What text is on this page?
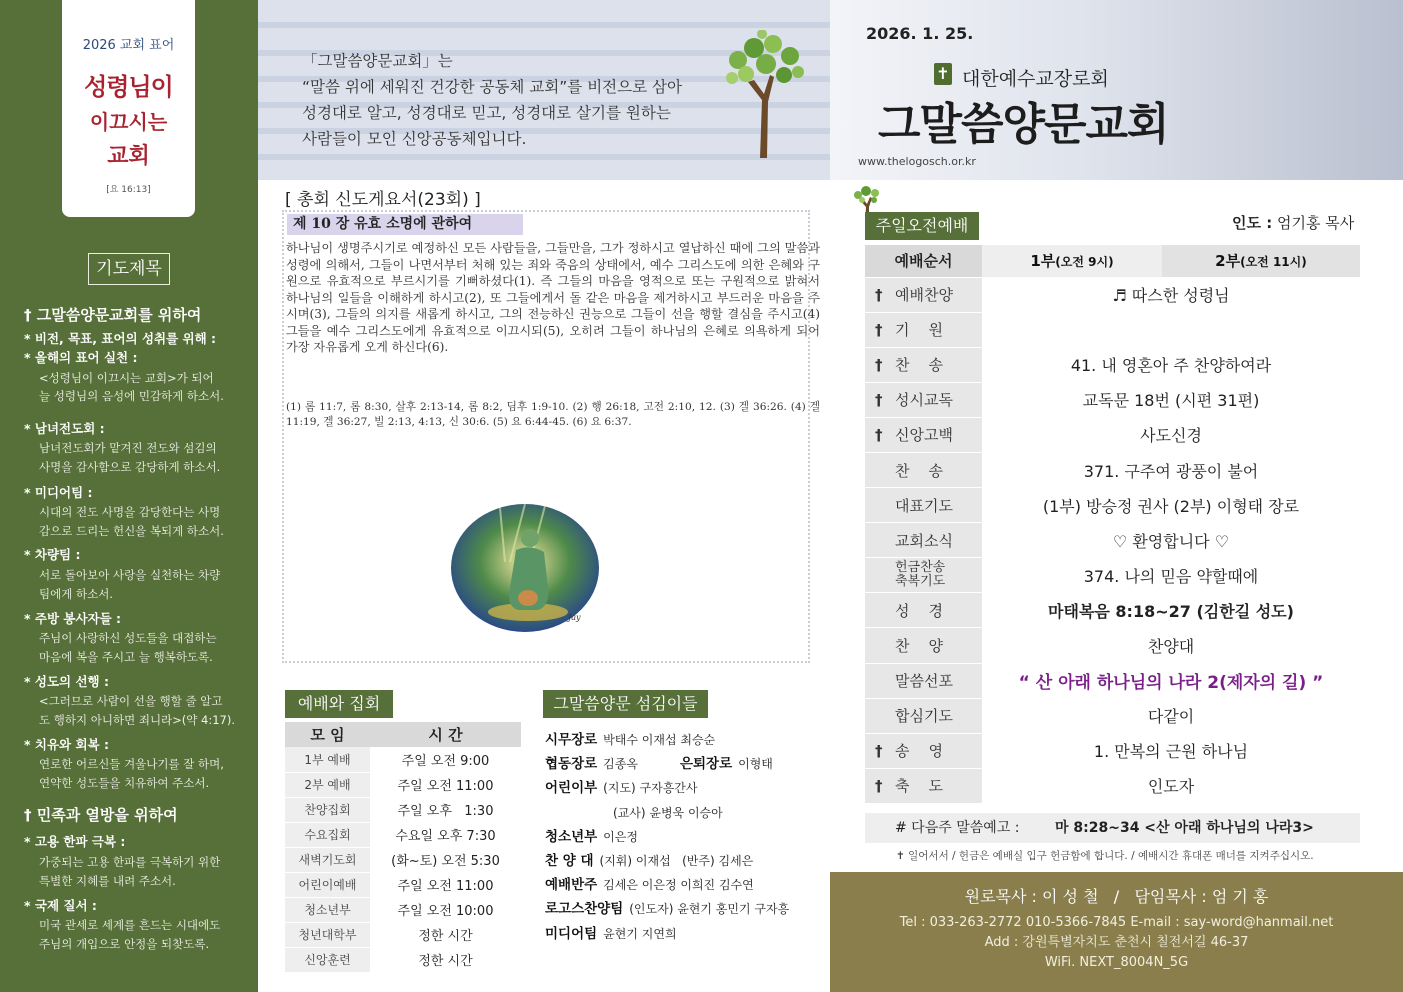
2026 교회 표어
성령님이
이끄시는
교회
[요 16:13]
기도제목
† 그말씀양문교회를 위하여
* 비전, 목표, 표어의 성취를 위해 :
* 올해의 표어 실천 :
<성령님이 이끄시는 교회>가 되어
늘 성령님의 음성에 민감하게 하소서.
* 남녀전도회 :
남녀전도회가 맡겨진 전도와 섬김의
사명을 감사함으로 감당하게 하소서.
* 미디어팀 :
시대의 전도 사명을 감당한다는 사명
감으로 드리는 헌신을 복되게 하소서.
* 차량팀 :
서로 돌아보아 사랑을 실천하는 차량
팀에게 하소서.
* 주방 봉사자들 :
주님이 사랑하신 성도들을 대접하는
마음에 복을 주시고 늘 행복하도록.
* 성도의 선행 :
<그러므로 사람이 선을 행할 줄 알고
도 행하지 아니하면 죄니라>(약 4:17).
* 치유와 회복 :
연로한 어르신들 겨울나기를 잘 하며,
연약한 성도들을 치유하여 주소서.
† 민족과 열방을 위하여
* 고용 한파 극복 :
가중되는 고용 한파를 극복하기 위한
특별한 지혜를 내려 주소서.
* 국제 질서 :
미국 관세로 세계를 흔드는 시대에도
주님의 개입으로 안정을 되찾도록.
「그말씀양문교회」는
“말씀 위에 세워진 건강한 공동체 교회”를 비전으로 삼아
성경대로 알고, 성경대로 믿고, 성경대로 살기를 원하는
사람들이 모인 신앙공동체입니다.
2026. 1. 25.
✝ 대한예수교장로회
그말씀양문교회
www.thelogosch.or.kr
[ 총회 신도게요서(23회) ]
제 10 장 유효 소명에 관하여
하나님이 생명주시기로 예정하신 모든 사람들을, 그들만을, 그가 정하시고 열납하신 때에 그의 말씀과 성령에 의해서, 그들이 나면서부터 처해 있는 죄와 죽음의 상태에서, 예수 그리스도에 의한 은혜와 구원으로 유효적으로 부르시기를 기뻐하셨다(1). 즉 그들의 마음을 영적으로 또는 구원적으로 밝혀서 하나님의 일들을 이해하게 하시고(2), 또 그들에게서 돌 같은 마음을 제거하시고 부드러운 마음을 주시며(3), 그들의 의지를 새롭게 하시고, 그의 전능하신 권능으로 그들이 선을 행할 결심을 주시고(4) 그들을 예수 그리스도에게 유효적으로 이끄시되(5), 오히려 그들이 하나님의 은혜로 의욕하게 되어 가장 자유롭게 오게 하신다(6).
(1) 롬 11:7, 롬 8:30, 살후 2:13-14, 롬 8:2, 딤후 1:9-10. (2) 행 26:18, 고전 2:10, 12. (3) 겔 36:26. (4) 겔 11:19, 겔 36:27, 빌 2:13, 4:13, 신 30:6. (5) 요 6:44-45. (6) 요 6:37.
Jay
예배와 집회
모 임	시 간
1부 예배	주일 오전 9:00
2부 예배	주일 오전 11:00
찬양집회	주일 오후   1:30
수요집회	수요일 오후 7:30
새벽기도회	(화~토) 오전 5:30
어린이예배	주일 오전 11:00
청소년부	주일 오전 10:00
청년대학부	정한 시간
신앙훈련	정한 시간
그말씀양문 섬김이들
시무장로 박태수 이재섭 최승순
협동장로 김종옥	은퇴장로 이형태
어린이부 (지도) 구자흥간사
(교사) 윤병욱 이승아
청소년부 이은정
찬 양 대 (지휘) 이재섭   (반주) 김세은
예배반주 김세은 이은정 이희진 김수연
로고스찬양팀 (인도자) 윤현기 홍민기 구자흥
미디어팀 윤현기 지연희
주일오전예배	인도 : 엄기홍 목사
예배순서	1부(오전 9시)	2부(오전 11시)
† 예배찬양	♬ 따스한 성령님	
† 기    원		
† 찬    송	41. 내 영혼아 주 찬양하여라	
† 성시교독	교독문 18번 (시편 31편)	
† 신앙고백	사도신경	
찬    송	371. 구주여 광풍이 불어	
대표기도	(1부) 방승정 권사 (2부) 이형태 장로	
교회소식	♡ 환영합니다 ♡	
헌금찬송 축복기도	374. 나의 믿음 약할때에	
성    경	마태복음 8:18~27 (김한길 성도)	
찬    양	찬양대	
말씀선포	“ 산 아래 하나님의 나라 2(제자의 길) ”	
합심기도	다같이	
† 송    영	1. 만복의 근원 하나님	
† 축    도	인도자	
# 다음주 말씀예고 :	마 8:28~34 <산 아래 하나님의 나라3>
✝ 일어서서 / 헌금은 예배실 입구 헌금함에 합니다. / 예배시간 휴대폰 매너를 지켜주십시오.
원로목사 : 이 성 철   /   담임목사 : 엄 기 홍
Tel : 033-263-2772 010-5366-7845 E-mail : say-word@hanmail.net
Add : 강원특별자치도 춘천시 칠전서길 46-37
WiFi. NEXT_8004N_5G
